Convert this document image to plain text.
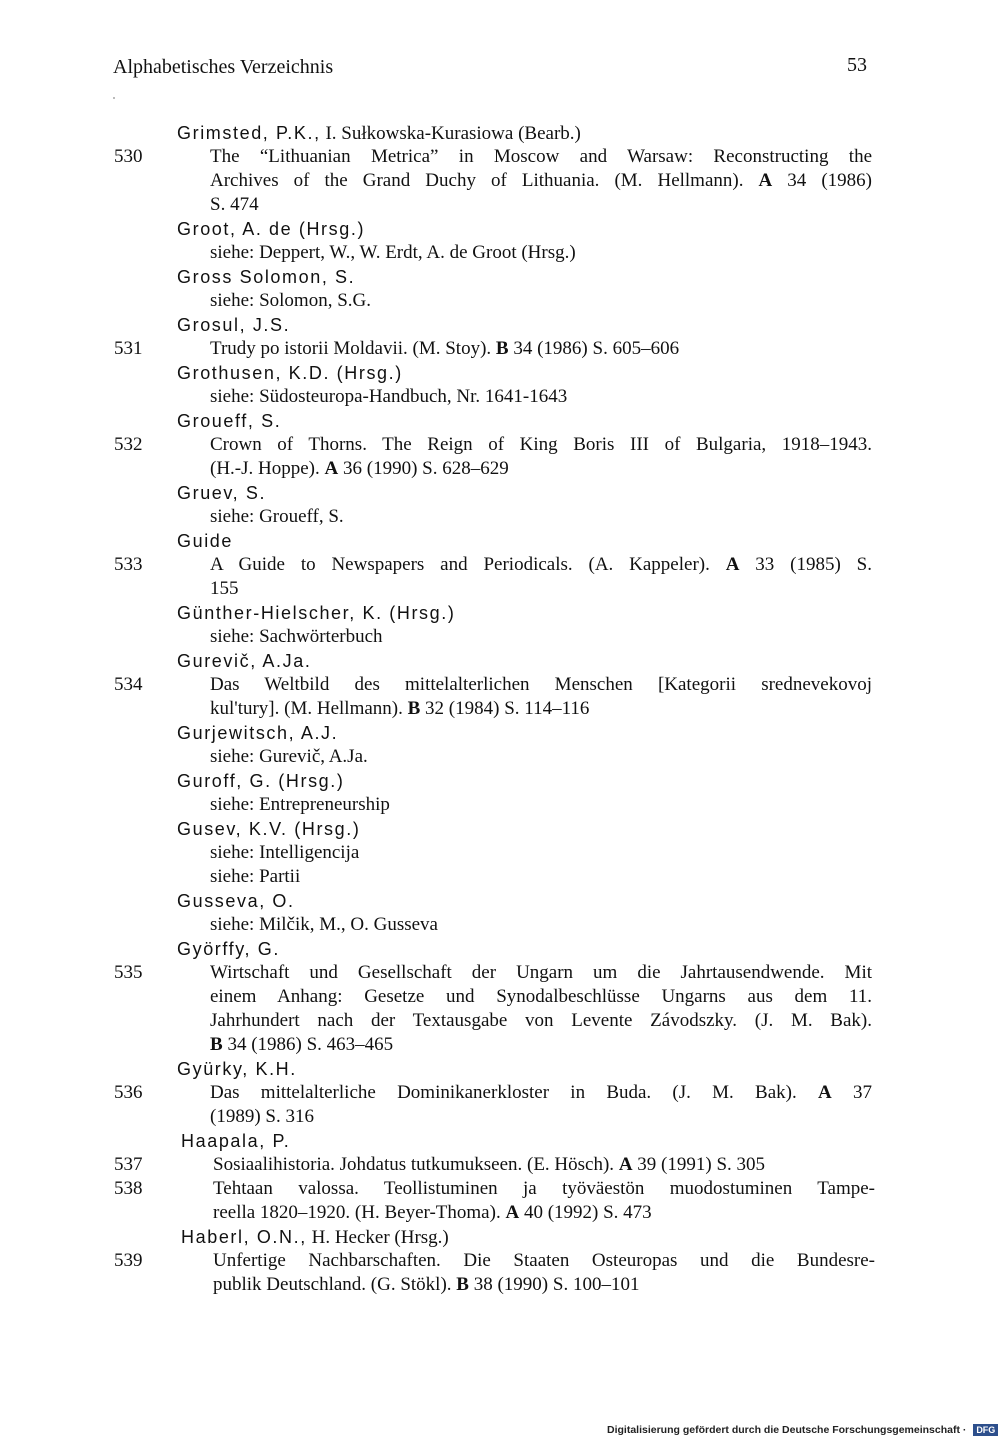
Alphabetisches Verzeichnis	53
Grimsted, P.K., I. Sułkowska-Kurasiowa (Bearb.)
530	The “Lithuanian Metrica” in Moscow and Warsaw: Reconstructing the
Archives of the Grand Duchy of Lithuania. (M. Hellmann). A 34 (1986)
S. 474
Groot, A. de (Hrsg.)
siehe: Deppert, W., W. Erdt, A. de Groot (Hrsg.)
Gross Solomon, S.
siehe: Solomon, S.G.
Grosul, J.S.
531	Trudy po istorii Moldavii. (M. Stoy). B 34 (1986) S. 605–606
Grothusen, K.D. (Hrsg.)
siehe: Südosteuropa-Handbuch, Nr. 1641-1643
Groueff, S.
532	Crown of Thorns. The Reign of King Boris III of Bulgaria, 1918–1943.
(H.-J. Hoppe). A 36 (1990) S. 628–629
Gruev, S.
siehe: Groueff, S.
Guide
533	A Guide to Newspapers and Periodicals. (A. Kappeler). A 33 (1985) S.
155
Günther-Hielscher, K. (Hrsg.)
siehe: Sachwörterbuch
Gurevič, A.Ja.
534	Das Weltbild des mittelalterlichen Menschen [Kategorii srednevekovoj
kul'tury]. (M. Hellmann). B 32 (1984) S. 114–116
Gurjewitsch, A.J.
siehe: Gurevič, A.Ja.
Guroff, G. (Hrsg.)
siehe: Entrepreneurship
Gusev, K.V. (Hrsg.)
siehe: Intelligencija
siehe: Partii
Gusseva, O.
siehe: Milčik, M., O. Gusseva
Györffy, G.
535	Wirtschaft und Gesellschaft der Ungarn um die Jahrtausendwende. Mit
einem Anhang: Gesetze und Synodalbeschlüsse Ungarns aus dem 11.
Jahrhundert nach der Textausgabe von Levente Závodszky. (J. M. Bak).
B 34 (1986) S. 463–465
Gyürky, K.H.
536	Das mittelalterliche Dominikanerkloster in Buda. (J. M. Bak). A 37
(1989) S. 316
Haapala, P.
537	Sosiaalihistoria. Johdatus tutkumukseen. (E. Hösch). A 39 (1991) S. 305
538	Tehtaan valossa. Teollistuminen ja työväestön muodostuminen Tampe-
reella 1820–1920. (H. Beyer-Thoma). A 40 (1992) S. 473
Haberl, O.N., H. Hecker (Hrsg.)
539	Unfertige Nachbarschaften. Die Staaten Osteuropas und die Bundesre-
publik Deutschland. (G. Stökl). B 38 (1990) S. 100–101
Digitalisierung gefördert durch die Deutsche Forschungsgemeinschaft · DFG
